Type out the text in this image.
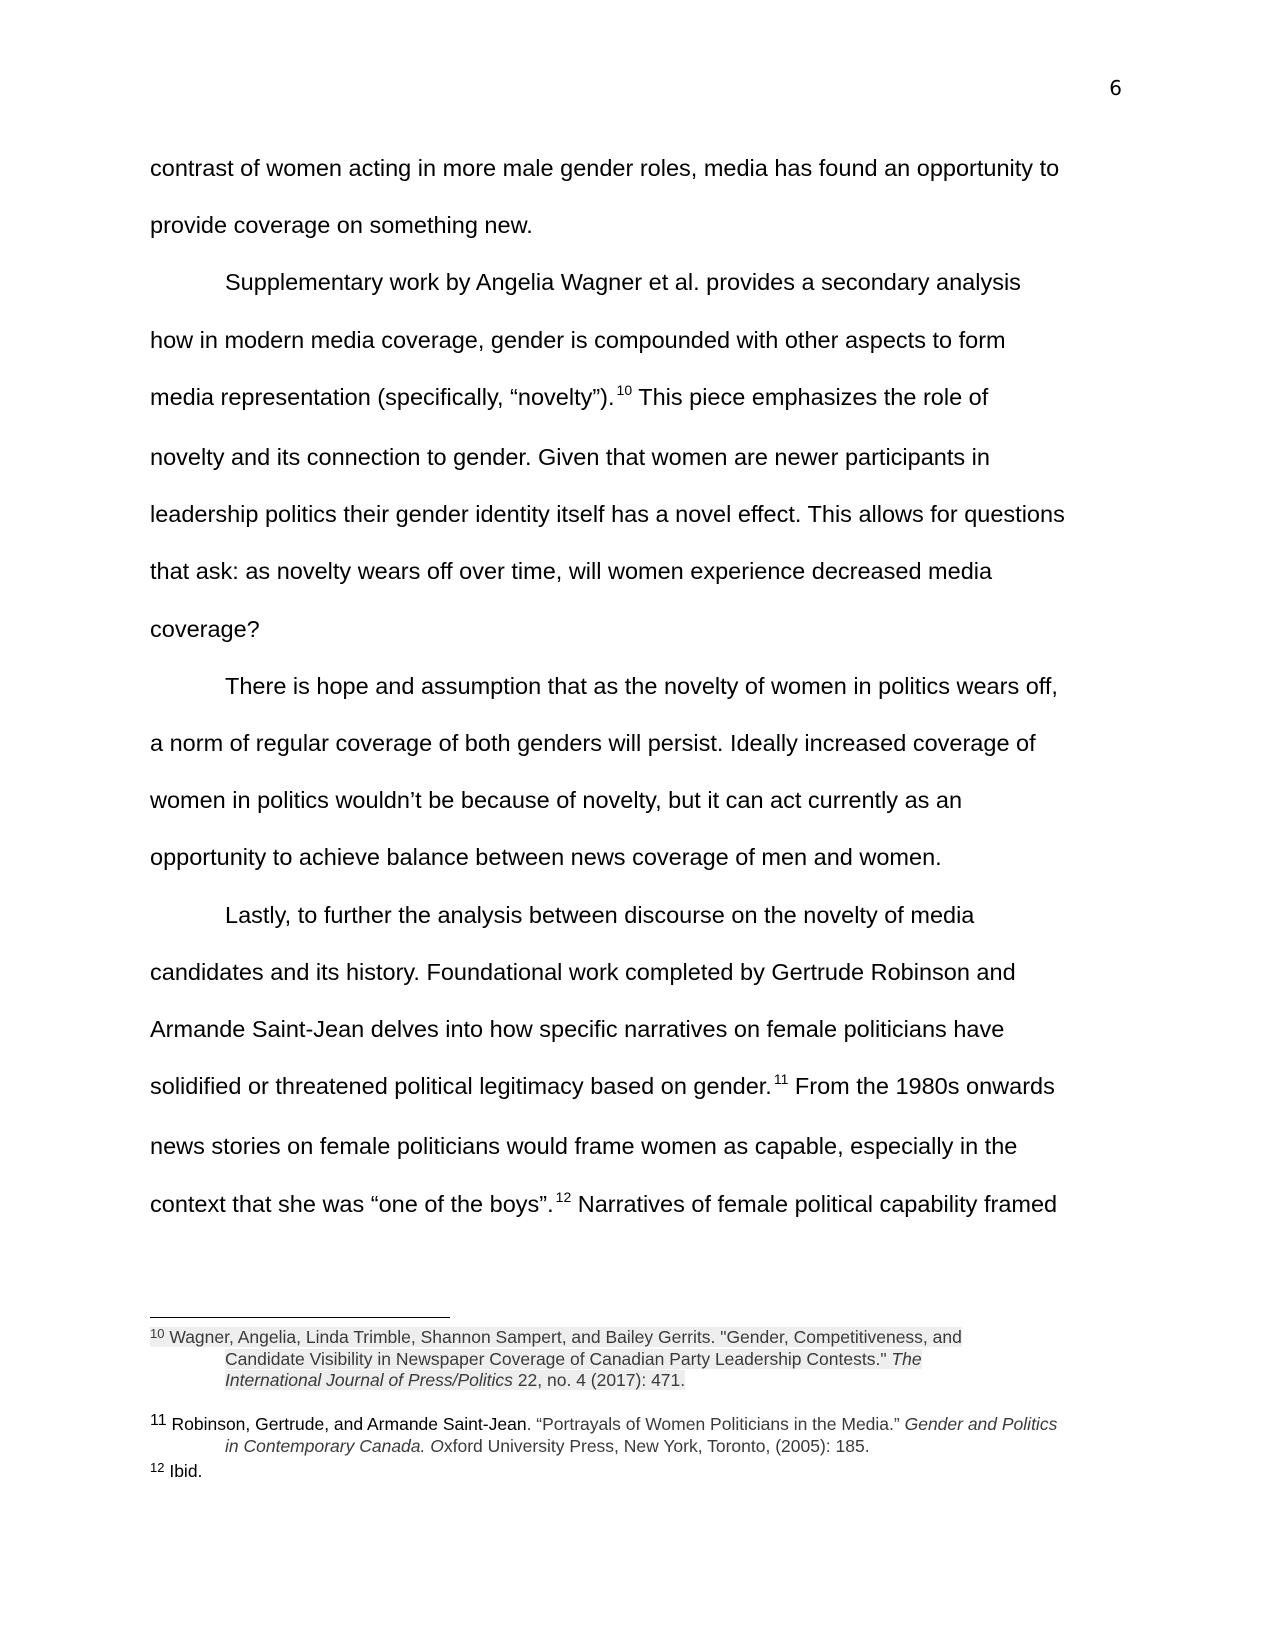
6
contrast of women acting in more male gender roles, media has found an opportunity to
provide coverage on something new.
Supplementary work by Angelia Wagner et al. provides a secondary analysis
how in modern media coverage, gender is compounded with other aspects to form
media representation (specifically, “novelty”). $^{10}$ This piece emphasizes the role of
novelty and its connection to gender. Given that women are newer participants in
leadership politics their gender identity itself has a novel effect. This allows for questions
that ask: as novelty wears off over time, will women experience decreased media
coverage?
There is hope and assumption that as the novelty of women in politics wears off,
a norm of regular coverage of both genders will persist. Ideally increased coverage of
women in politics wouldn’t be because of novelty, but it can act currently as an
opportunity to achieve balance between news coverage of men and women.
Lastly, to further the analysis between discourse on the novelty of media
candidates and its history. Foundational work completed by Gertrude Robinson and
Armande Saint-Jean delves into how specific narratives on female politicians have
solidified or threatened political legitimacy based on gender. $^{11}$ From the 1980s onwards
news stories on female politicians would frame women as capable, especially in the
context that she was “one of the boys”. $^{12}$ Narratives of female political capability framed
$^{10}$ Wagner, Angelia, Linda Trimble, Shannon Sampert, and Bailey Gerrits. "Gender, Competitiveness, and
Candidate Visibility in Newspaper Coverage of Canadian Party Leadership Contests." The
International Journal of Press/Politics 22, no. 4 (2017): 471.
11 Robinson, Gertrude, and Armande Saint-Jean. “Portrayals of Women Politicians in the Media.” Gender and Politics
in Contemporary Canada. Oxford University Press, New York, Toronto, (2005): 185.
$^{12}$ Ibid.
